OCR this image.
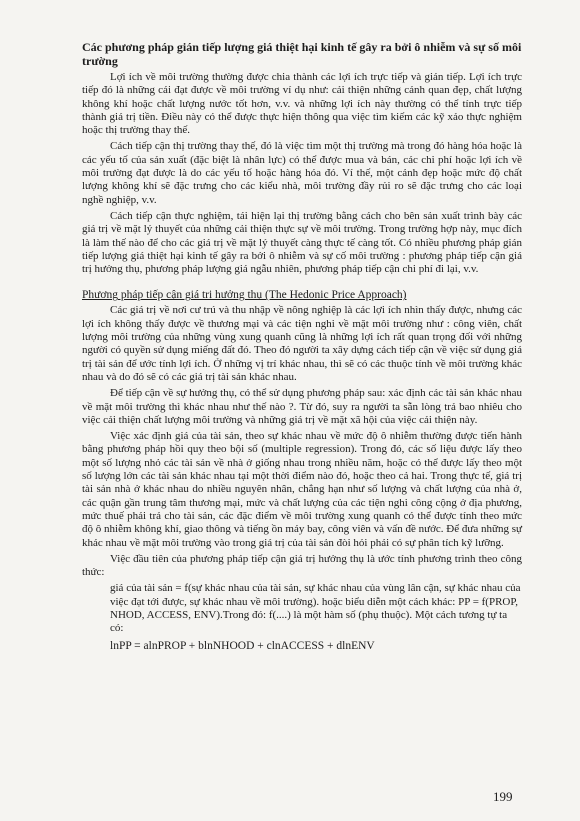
Các phương pháp gián tiếp lượng giá thiệt hại kinh tế gây ra bởi ô nhiễm và sự số môi trường
Lợi ích về môi trường thường được chia thành các lợi ích trực tiếp và gián tiếp. Lợi ích trực tiếp đó là những cái đạt được về môi trường ví dụ như: cải thiện những cảnh quan đẹp, chất lượng không khí hoặc chất lượng nước tốt hơn, v.v. và những lợi ích này thường có thể tính trực tiếp thành giá trị tiền. Điều này có thể được thực hiện thông qua việc tìm kiếm các kỹ xảo thực nghiệm hoặc thị trường thay thế.
Cách tiếp cận thị trường thay thế, đó là việc tìm một thị trường mà trong đó hàng hóa hoặc là các yếu tố của sản xuất (đặc biệt là nhân lực) có thể được mua và bán, các chi phí hoặc lợi ích về môi trường đạt được là do các yếu tố hoặc hàng hóa đó. Ví thế, một cảnh đẹp hoặc mức độ chất lượng không khí sẽ đặc trưng cho các kiểu nhà, môi trường đầy rủi ro sẽ đặc trưng cho các loại nghề nghiệp, v.v.
Cách tiếp cận thực nghiệm, tái hiện lại thị trường bằng cách cho bên sản xuất trình bày các giá trị về mặt lý thuyết của những cải thiện thực sự về môi trường. Trong trường hợp này, mục đích là làm thế nào để cho các giá trị về mặt lý thuyết càng thực tế càng tốt. Có nhiều phương pháp gián tiếp lượng giá thiệt hại kinh tế gây ra bởi ô nhiễm và sự cố môi trường : phương pháp tiếp cận giá trị hưởng thụ, phương pháp lượng giá ngẫu nhiên, phương pháp tiếp cận chi phí đi lại, v.v.
Phương pháp tiếp cận giá trị hưởng thụ (The Hedonic Price Approach)
Các giá trị về nơi cư trú và thu nhập về nông nghiệp là các lợi ích nhìn thấy được, nhưng các lợi ích không thấy được về thương mại và các tiện nghi về mặt môi trường như : công viên, chất lượng môi trường của những vùng xung quanh cũng là những lợi ích rất quan trọng đối với những người có quyền sử dụng miếng đất đó. Theo đó người ta xây dựng cách tiếp cận về việc sử dụng giá trị tài sản để ước tính lợi ích. Ở những vị trí khác nhau, thì sẽ có các thuộc tính về môi trường khác nhau và do đó sẽ có các giá trị tài sản khác nhau.
Để tiếp cận về sự hưởng thụ, có thể sử dụng phương pháp sau: xác định các tài sản khác nhau về mặt môi trường thì khác nhau như thế nào ?. Từ đó, suy ra người ta sẵn lòng trả bao nhiêu cho việc cải thiện chất lượng môi trường và những giá trị về mặt xã hội của việc cải thiện này.
Việc xác định giá của tài sản, theo sự khác nhau về mức độ ô nhiễm thường được tiến hành bằng phương pháp hồi quy theo bội số (multiple regression). Trong đó, các số liệu được lấy theo một số lượng nhỏ các tài sản về nhà ở giống nhau trong nhiều năm, hoặc có thể được lấy theo một số lượng lớn các tài sản khác nhau tại một thời điểm nào đó, hoặc theo cả hai. Trong thực tế, giá trị tài sản nhà ở khác nhau do nhiều nguyên nhân, chẳng hạn như số lượng và chất lượng của nhà ở, các quận gần trung tâm thương mại, mức và chất lượng của các tiện nghi công cộng ở địa phương, mức thuế phải trả cho tài sản, các đặc điểm về môi trường xung quanh có thể được tính theo mức độ ô nhiễm không khí, giao thông và tiếng ồn máy bay, công viên và vấn đề nước. Để đưa những sự khác nhau về mặt môi trường vào trong giá trị của tài sản đòi hỏi phải có sự phân tích kỹ lưỡng.
Việc đầu tiên của phương pháp tiếp cận giá trị hưởng thụ là ước tính phương trình theo công thức:
giá của tài sản = f(sự khác nhau của tài sản, sự khác nhau của vùng lân cận, sự khác nhau của việc đạt tới được, sự khác nhau về môi trường). hoặc biểu diễn một cách khác: PP = f(PROP, NHOD, ACCESS, ENV).Trong đó: f(....) là một hàm số (phụ thuộc). Một cách tương tự ta có:
lnPP = alnPROP + blnNHOOD + clnACCESS + dlnENV
199
